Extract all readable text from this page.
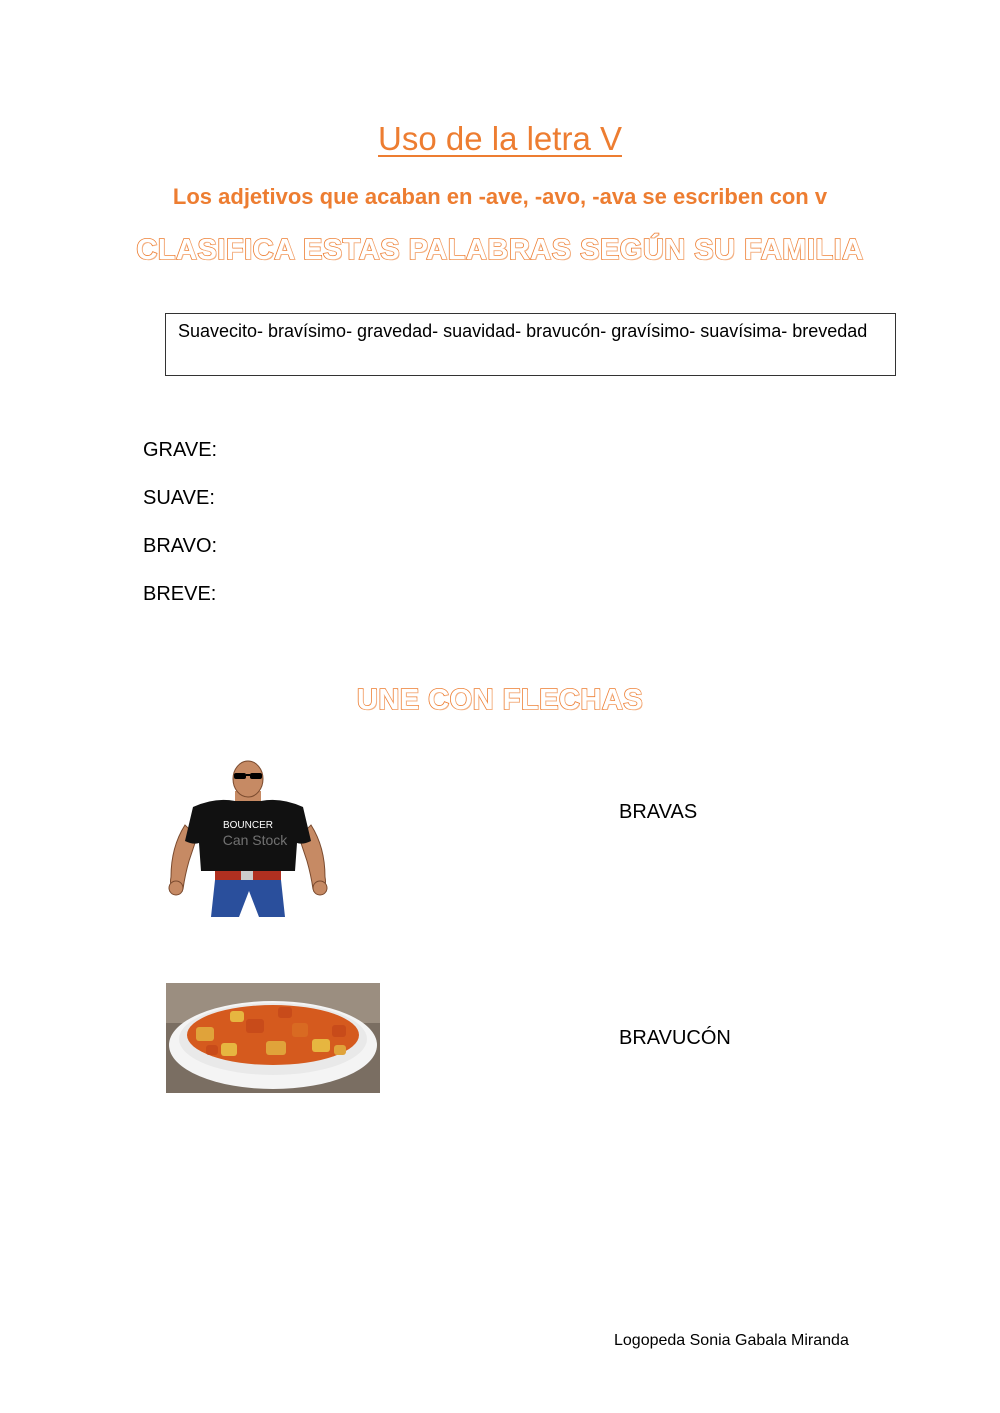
Uso de la letra V
Los adjetivos que acaban en -ave, -avo, -ava se escriben con v
CLASIFICA ESTAS PALABRAS SEGÚN SU FAMILIA
Suavecito- bravísimo- gravedad- suavidad- bravucón- gravísimo- suavísima- brevedad
GRAVE:
SUAVE:
BRAVO:
BREVE:
UNE CON FLECHAS
BOUNCER
Can Stock
BRAVAS
BRAVUCÓN
Logopeda Sonia Gabala Miranda
